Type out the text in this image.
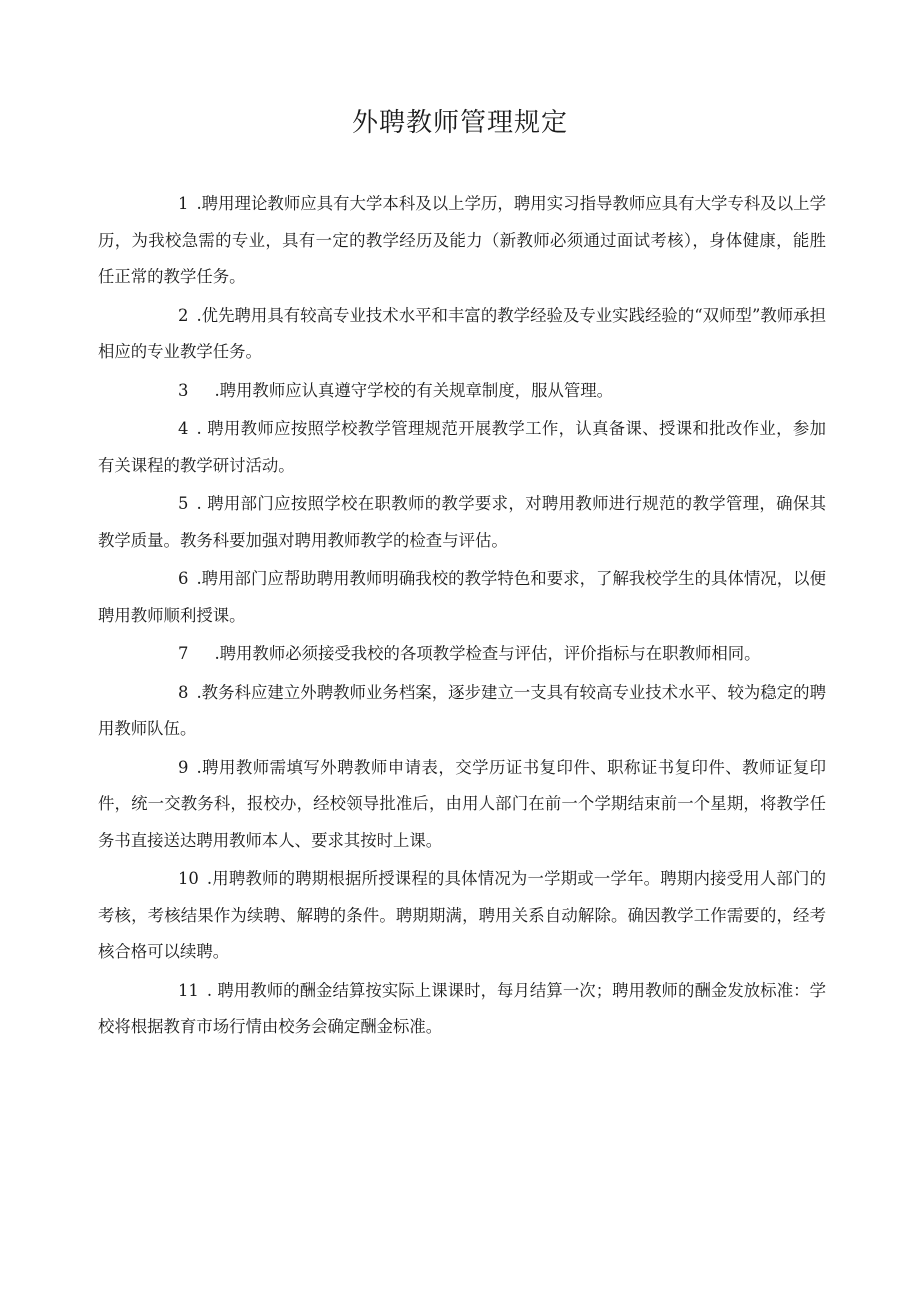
外聘教师管理规定

1 .聘用理论教师应具有大学本科及以上学历，聘用实习指导教师应具有大学专科及以上学历，为我校急需的专业，具有一定的教学经历及能力（新教师必须通过面试考核），身体健康，能胜任正常的教学任务。

2 .优先聘用具有较高专业技术水平和丰富的教学经验及专业实践经验的“双师型”教师承担相应的专业教学任务。

3 .聘用教师应认真遵守学校的有关规章制度，服从管理。

4 . 聘用教师应按照学校教学管理规范开展教学工作，认真备课、授课和批改作业，参加有关课程的教学研讨活动。

5 . 聘用部门应按照学校在职教师的教学要求，对聘用教师进行规范的教学管理，确保其教学质量。教务科要加强对聘用教师教学的检查与评估。

6 .聘用部门应帮助聘用教师明确我校的教学特色和要求，了解我校学生的具体情况，以便聘用教师顺利授课。

7 .聘用教师必须接受我校的各项教学检查与评估，评价指标与在职教师相同。

8 .教务科应建立外聘教师业务档案，逐步建立一支具有较高专业技术水平、较为稳定的聘用教师队伍。

9 .聘用教师需填写外聘教师申请表，交学历证书复印件、职称证书复印件、教师证复印件，统一交教务科，报校办，经校领导批准后，由用人部门在前一个学期结束前一个星期，将教学任务书直接送达聘用教师本人、要求其按时上课。

10 .用聘教师的聘期根据所授课程的具体情况为一学期或一学年。聘期内接受用人部门的考核，考核结果作为续聘、解聘的条件。聘期期满，聘用关系自动解除。确因教学工作需要的，经考核合格可以续聘。

11 . 聘用教师的酬金结算按实际上课课时，每月结算一次；聘用教师的酬金发放标准：学校将根据教育市场行情由校务会确定酬金标准。
